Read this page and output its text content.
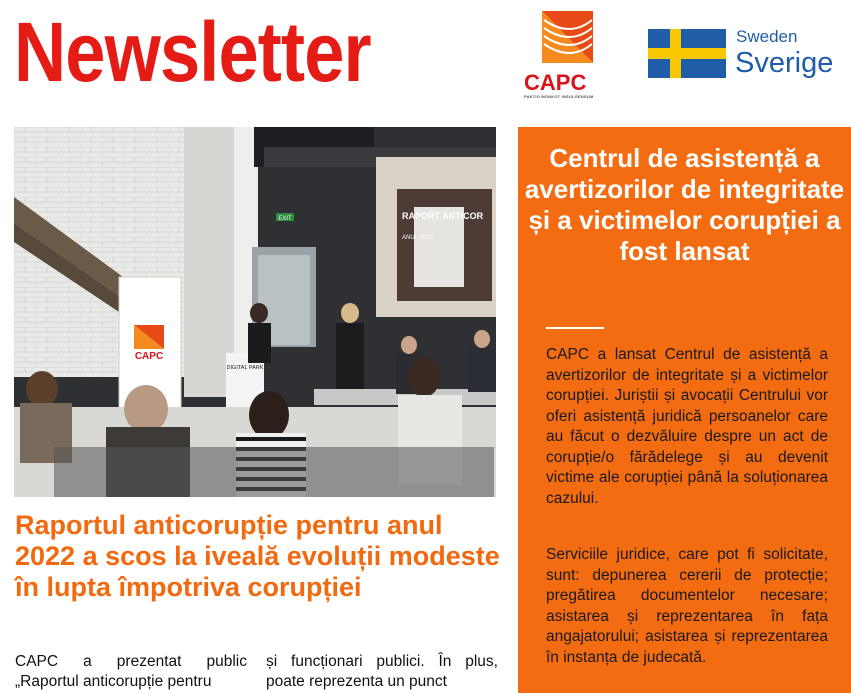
Newsletter	CAPC
PAKTIO MONKOT INSULGENSUM
Sweden
Sverige
EXIT	RAPORT ANTICOR
ANUL 2022
CAPC
DIGITAL PARK
Raportul anticorupție pentru anul 2022 a scos la iveală evoluții modeste în lupta împotriva corupției
CAPC a prezentat public „Raportul anticorupție pentru
și funcționari publici. În plus, poate reprezenta un punct
Centrul de asistență a avertizorilor de integritate și a victimelor corupției a fost lansat
CAPC a lansat Centrul de asistență a avertizorilor de integritate și a victimelor corupției. Juriștii și avocații Centrului vor oferi asistență juridică persoanelor care au făcut o dezvăluire despre un act de corupție/o fărădelege și au devenit victime ale corupției până la soluționarea cazului.
Serviciile juridice, care pot fi solicitate, sunt: depunerea cererii de protecție; pregătirea documentelor necesare; asistarea și reprezentarea în fața angajatorului; asistarea și reprezentarea în instanța de judecată.
